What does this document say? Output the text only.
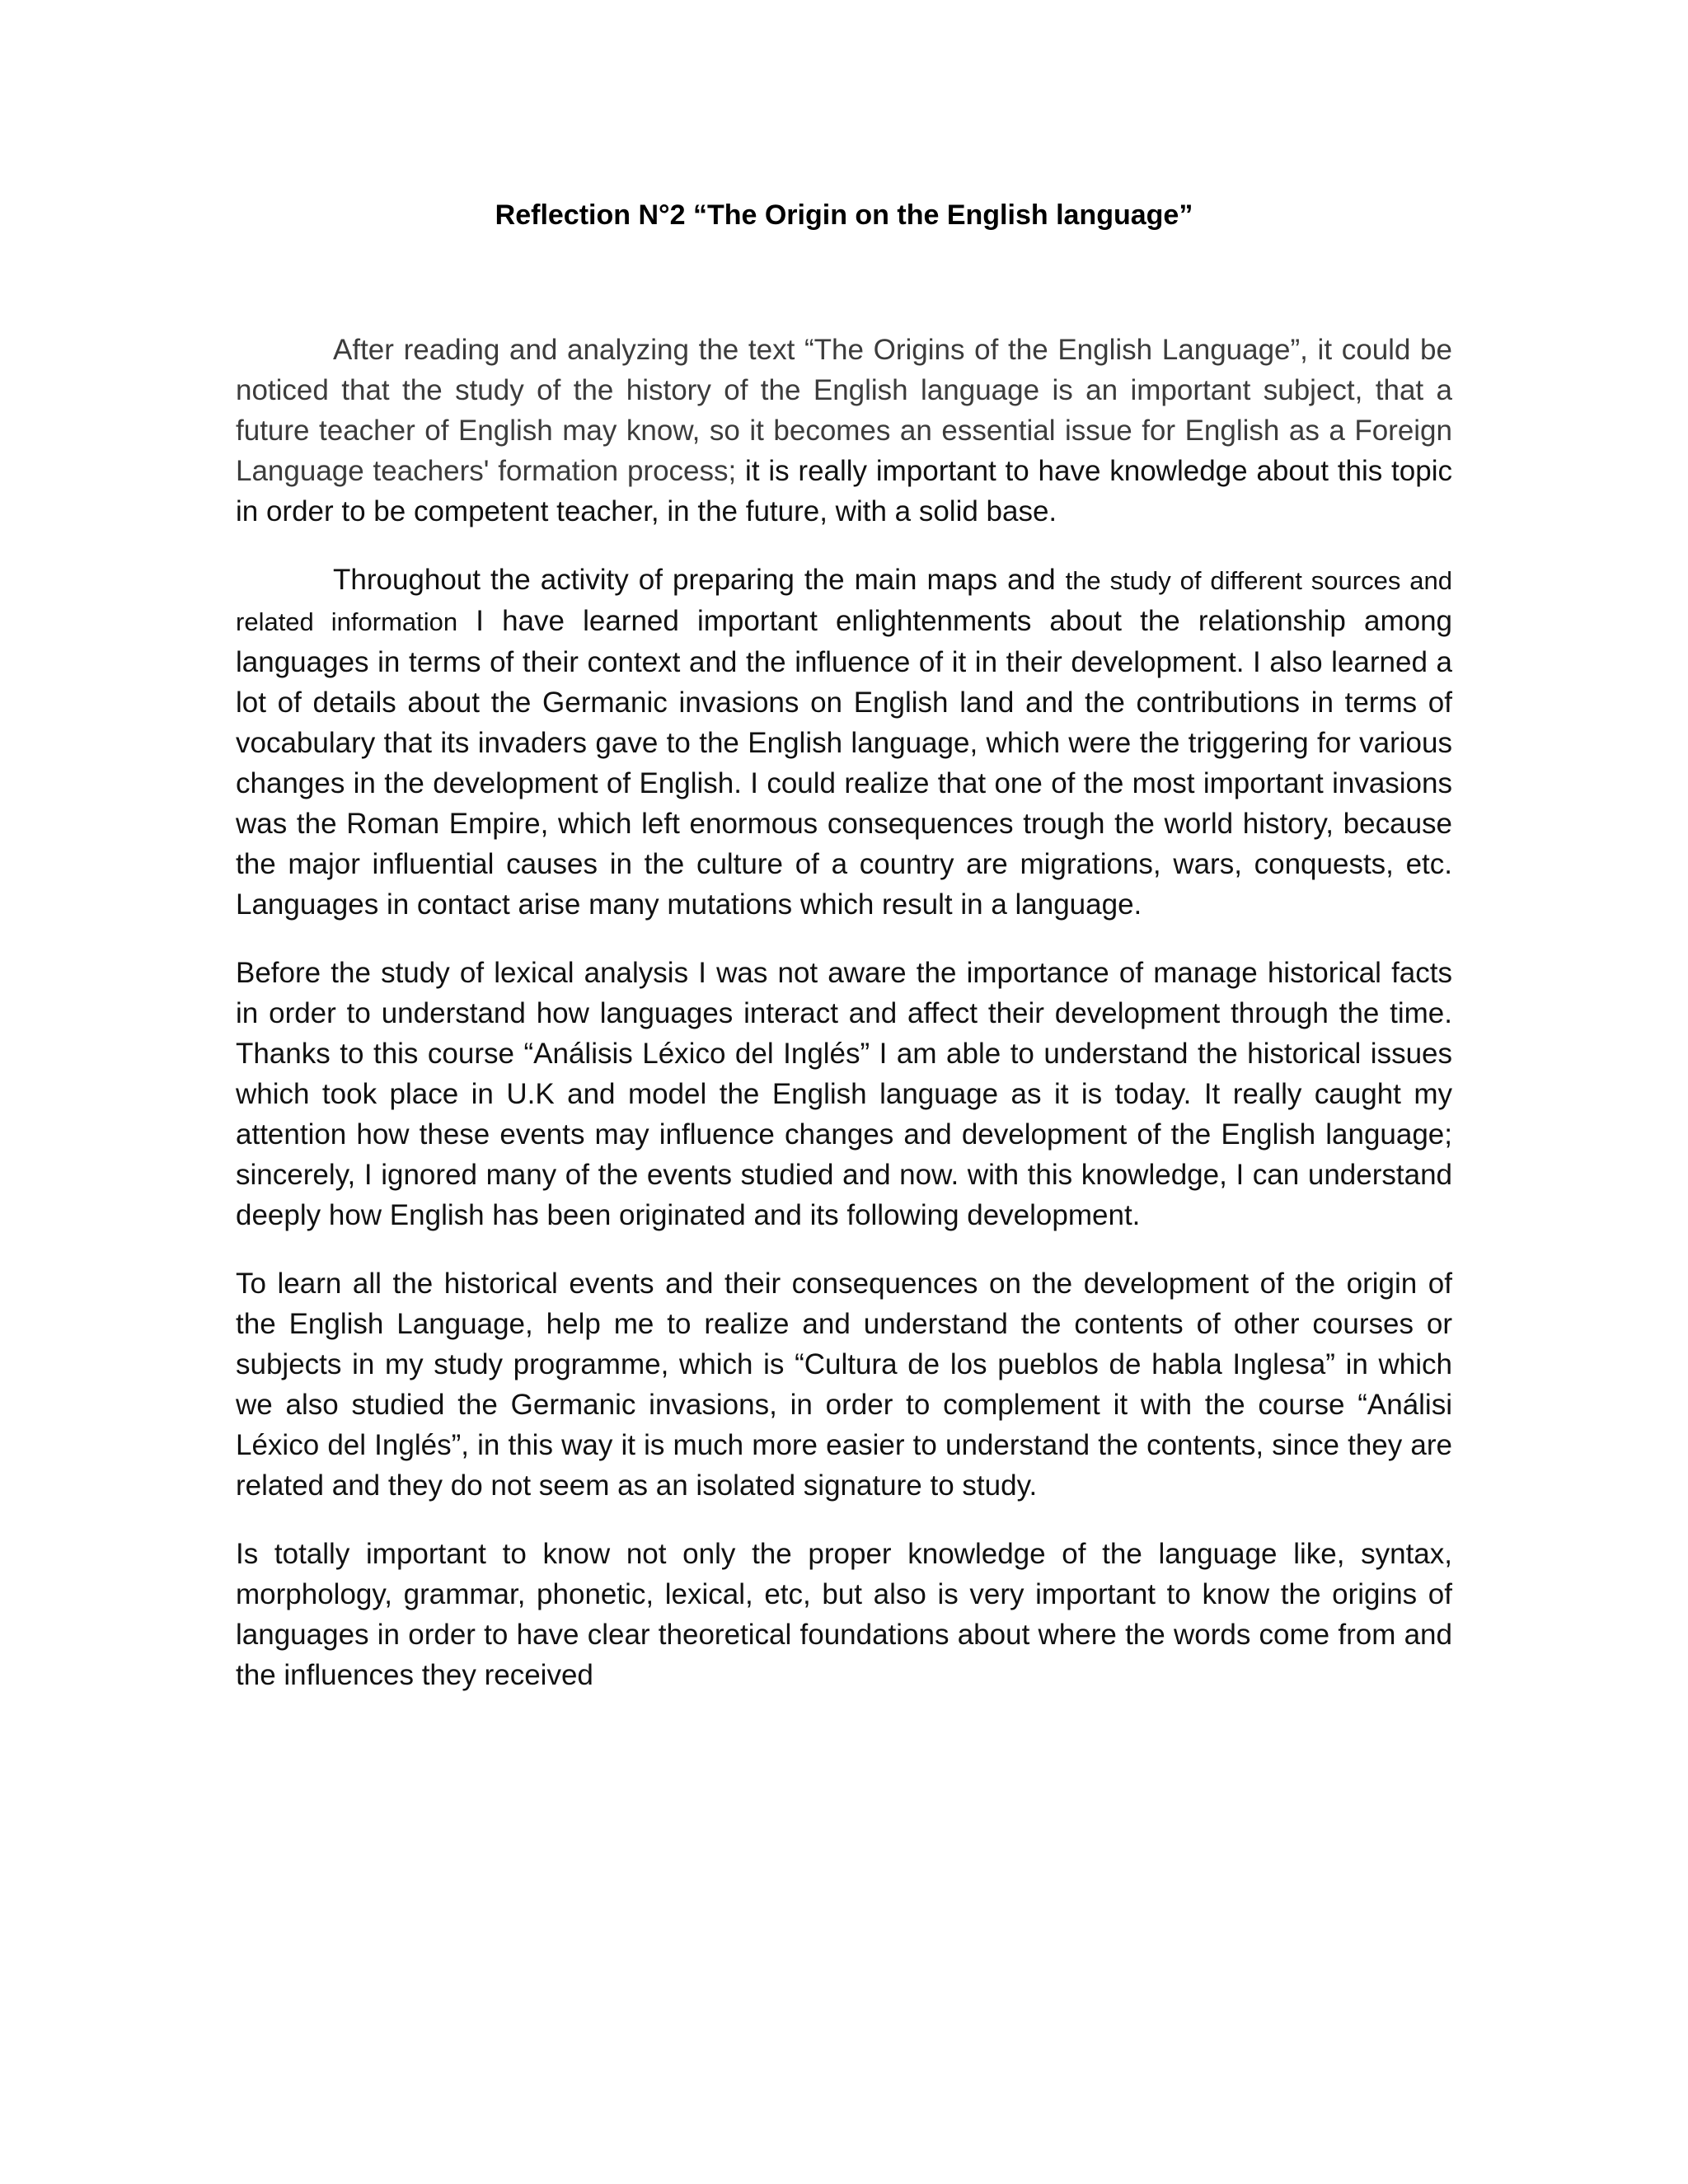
Reflection N°2 “The Origin on the English language”

After reading and analyzing the text “The Origins of the English Language”, it could be noticed that the study of the history of the English language is an important subject, that a future teacher of English may know, so it becomes an essential issue for English as a Foreign Language teachers' formation process; it is really important to have knowledge about this topic in order to be competent teacher, in the future, with a solid base.

Throughout the activity of preparing the main maps and the study of different sources and related information I have learned important enlightenments about the relationship among languages in terms of their context and the influence of it in their development. I also learned a lot of details about the Germanic invasions on English land and the contributions in terms of vocabulary that its invaders gave to the English language, which were the triggering for various changes in the development of English. I could realize that one of the most important invasions was the Roman Empire, which left enormous consequences trough the world history, because the major influential causes in the culture of a country are migrations, wars, conquests, etc. Languages in contact arise many mutations which result in a language.

Before the study of lexical analysis I was not aware the importance of manage historical facts in order to understand how languages interact and affect their development through the time. Thanks to this course “Análisis Léxico del Inglés” I am able to understand the historical issues which took place in U.K and model the English language as it is today. It really caught my attention how these events may influence changes and development of the English language; sincerely, I ignored many of the events studied and now. with this knowledge, I can understand deeply how English has been originated and its following development.

To learn all the historical events and their consequences on the development of the origin of the English Language, help me to realize and understand the contents of other courses or subjects in my study programme, which is “Cultura de los pueblos de habla Inglesa” in which we also studied the Germanic invasions, in order to complement it with the course “Análisi Léxico del Inglés”, in this way it is much more easier to understand the contents, since they are related and they do not seem as an isolated signature to study.

Is totally important to know not only the proper knowledge of the language like, syntax, morphology, grammar, phonetic, lexical, etc, but also is very important to know the origins of languages in order to have clear theoretical foundations about where the words come from and the influences they received
